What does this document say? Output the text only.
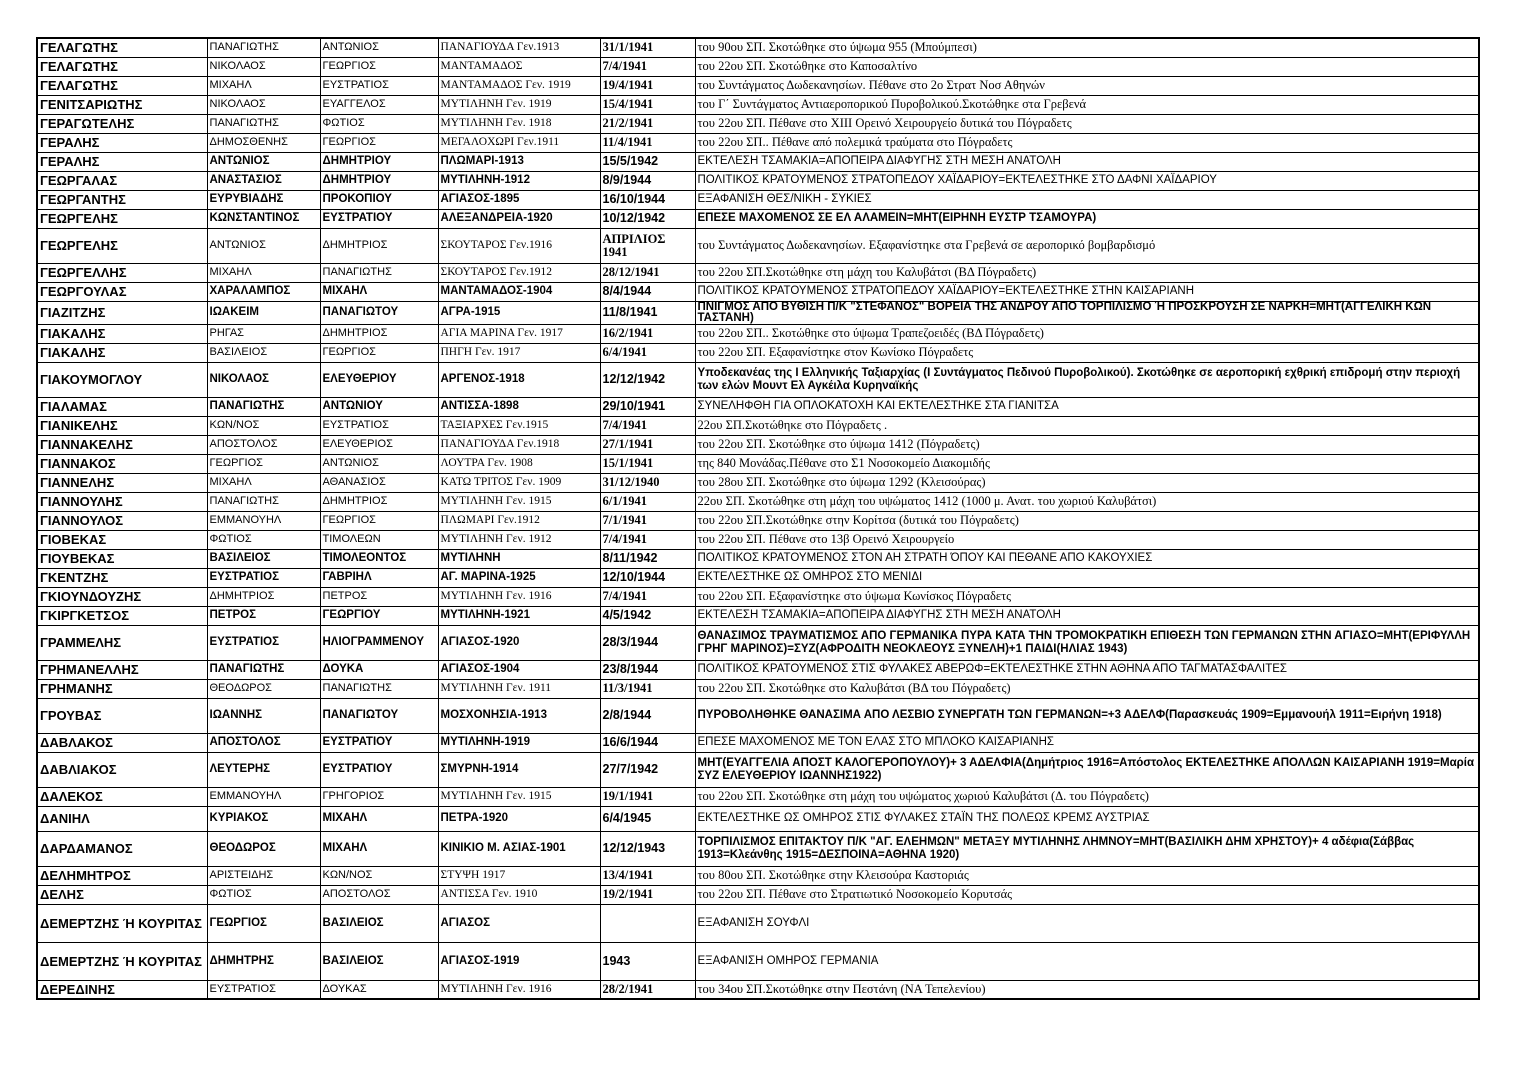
ΓΕΛΑΓΩΤΗΣ	ΠΑΝΑΓΙΩΤΗΣ	ΑΝΤΩΝΙΟΣ	ΠΑΝΑΓΙΟΥΔΑ Γεν.1913	31/1/1941	του 90ου ΣΠ. Σκοτώθηκε στο ύψωμα 955 (Μπούμπεσι)
ΓΕΛΑΓΩΤΗΣ	ΝΙΚΟΛΑΟΣ	ΓΕΩΡΓΙΟΣ	ΜΑΝΤΑΜΑΔΟΣ	7/4/1941	του 22ου ΣΠ. Σκοτώθηκε στο Καποσαλτίνο
ΓΕΛΑΓΩΤΗΣ	ΜΙΧΑΗΛ	ΕΥΣΤΡΑΤΙΟΣ	ΜΑΝΤΑΜΑΔΟΣ Γεν. 1919	19/4/1941	του Συντάγματος Δωδεκανησίων. Πέθανε στο 2ο Στρατ Νοσ Αθηνών
ΓΕΝΙΤΣΑΡΙΩΤΗΣ	ΝΙΚΟΛΑΟΣ	ΕΥΑΓΓΕΛΟΣ	ΜΥΤΙΛΗΝΗ Γεν. 1919	15/4/1941	του Γ΄ Συντάγματος Αντιαεροπορικού Πυροβολικού.Σκοτώθηκε στα Γρεβενά
ΓΕΡΑΓΩΤΕΛΗΣ	ΠΑΝΑΓΙΩΤΗΣ	ΦΩΤΙΟΣ	ΜΥΤΙΛΗΝΗ Γεν. 1918	21/2/1941	του 22ου ΣΠ. Πέθανε στο XIII Ορεινό Χειρουργείο δυτικά του Πόγραδετς
ΓΕΡΑΛΗΣ	ΔΗΜΟΣΘΕΝΗΣ	ΓΕΩΡΓΙΟΣ	ΜΕΓΑΛΟΧΩΡΙ Γεν.1911	11/4/1941	του 22ου ΣΠ.. Πέθανε από πολεμικά τραύματα στο Πόγραδετς
ΓΕΡΑΛΗΣ	ΑΝΤΩΝΙΟΣ	ΔΗΜΗΤΡΙΟΥ	ΠΛΩΜΑΡΙ-1913	15/5/1942	ΕΚΤΕΛΕΣΗ ΤΣΑΜΑΚΙΑ=ΑΠΟΠΕΙΡΑ ΔΙΑΦΥΓΗΣ ΣΤΗ ΜΕΣΗ ΑΝΑΤΟΛΗ
ΓΕΩΡΓΑΛΑΣ	ΑΝΑΣΤΑΣΙΟΣ	ΔΗΜΗΤΡΙΟΥ	ΜΥΤΙΛΗΝΗ-1912	8/9/1944	ΠΟΛΙΤΙΚΟΣ ΚΡΑΤΟΥΜΕΝΟΣ ΣΤΡΑΤΟΠΕΔΟΥ ΧΑΪΔΑΡΙΟΥ=ΕΚΤΕΛΕΣΤΗΚΕ ΣΤΟ ΔΑΦΝΙ ΧΑΪΔΑΡΙΟΥ
ΓΕΩΡΓΑΝΤΗΣ	ΕΥΡΥΒΙΑΔΗΣ	ΠΡΟΚΟΠΙΟΥ	ΑΓΙΑΣΟΣ-1895	16/10/1944	ΕΞΑΦΑΝΙΣΗ ΘΕΣ/ΝΙΚΗ - ΣΥΚΙΕΣ
ΓΕΩΡΓΕΛΗΣ	ΚΩΝΣΤΑΝΤΙΝΟΣ	ΕΥΣΤΡΑΤΙΟΥ	ΑΛΕΞΑΝΔΡΕΙΑ-1920	10/12/1942	ΕΠΕΣΕ ΜΑΧΟΜΕΝΟΣ ΣΕ ΕΛ ΑΛΑΜΕΙΝ=ΜΗΤ(ΕΙΡΗΝΗ ΕΥΣΤΡ ΤΣΑΜΟΥΡΑ)
ΓΕΩΡΓΕΛΗΣ	ΑΝΤΩΝΙΟΣ	ΔΗΜΗΤΡΙΟΣ	ΣΚΟΥΤΑΡΟΣ Γεν.1916	ΑΠΡΙΛΙΟΣ 1941	του Συντάγματος Δωδεκανησίων. Εξαφανίστηκε στα Γρεβενά σε αεροπορικό βομβαρδισμό
ΓΕΩΡΓΕΛΛΗΣ	ΜΙΧΑΗΛ	ΠΑΝΑΓΙΩΤΗΣ	ΣΚΟΥΤΑΡΟΣ Γεν.1912	28/12/1941	του 22ου ΣΠ.Σκοτώθηκε στη μάχη του Καλυβάτσι (ΒΔ Πόγραδετς)
ΓΕΩΡΓΟΥΛΑΣ	ΧΑΡΑΛΑΜΠΟΣ	ΜΙΧΑΗΛ	ΜΑΝΤΑΜΑΔΟΣ-1904	8/4/1944	ΠΟΛΙΤΙΚΟΣ ΚΡΑΤΟΥΜΕΝΟΣ ΣΤΡΑΤΟΠΕΔΟΥ ΧΑΪΔΑΡΙΟΥ=ΕΚΤΕΛΕΣΤΗΚΕ ΣΤΗΝ ΚΑΙΣΑΡΙΑΝΗ
ΓΙΑΖΙΤΖΗΣ	ΙΩΑΚΕΙΜ	ΠΑΝΑΓΙΩΤΟΥ	ΑΓΡΑ-1915	11/8/1941	ΠΝΙΓΜΟΣ ΑΠΟ ΒΥΘΙΣΗ Π/Κ "ΣΤΕΦΑΝΟΣ" ΒΟΡΕΙΑ ΤΗΣ ΑΝΔΡΟΥ ΑΠΟ ΤΟΡΠΙΛΙΣΜΟ Ή ΠΡΟΣΚΡΟΥΣΗ ΣΕ ΝΑΡΚΗ=ΜΗΤ(ΑΓΓΕΛΙΚΗ ΚΩΝ ΤΑΣΤΑΝΗ)
ΓΙΑΚΑΛΗΣ	ΡΗΓΑΣ	ΔΗΜΗΤΡΙΟΣ	ΑΓΙΑ ΜΑΡΙΝΑ Γεν. 1917	16/2/1941	του 22ου ΣΠ.. Σκοτώθηκε στο ύψωμα Τραπεζοειδές (ΒΔ Πόγραδετς)
ΓΙΑΚΑΛΗΣ	ΒΑΣΙΛΕΙΟΣ	ΓΕΩΡΓΙΟΣ	ΠΗΓΗ Γεν. 1917	6/4/1941	του 22ου ΣΠ. Εξαφανίστηκε στον Κωνίσκο Πόγραδετς
ΓΙΑΚΟΥΜΟΓΛΟΥ	ΝΙΚΟΛΑΟΣ	ΕΛΕΥΘΕΡΙΟΥ	ΑΡΓΕΝΟΣ-1918	12/12/1942	Υποδεκανέας της I Ελληνικής Ταξιαρχίας (I Συντάγματος Πεδινού Πυροβολικού). Σκοτώθηκε σε αεροπορική εχθρική επιδρομή στην περιοχή των ελών Μουντ Ελ Αγκέιλα Κυρηναϊκής
ΓΙΑΛΑΜΑΣ	ΠΑΝΑΓΙΩΤΗΣ	ΑΝΤΩΝΙΟΥ	ΑΝΤΙΣΣΑ-1898	29/10/1941	ΣΥΝΕΛΗΦΘΗ ΓΙΑ ΟΠΛΟΚΑΤΟΧΗ ΚΑΙ ΕΚΤΕΛΕΣΤΗΚΕ ΣΤΑ ΓΙΑΝΙΤΣΑ
ΓΙΑΝΙΚΕΛΗΣ	ΚΩΝ/ΝΟΣ	ΕΥΣΤΡΑΤΙΟΣ	ΤΑΞΙΑΡΧΕΣ Γεν.1915	7/4/1941	22ου ΣΠ.Σκοτώθηκε στο Πόγραδετς .
ΓΙΑΝΝΑΚΕΛΗΣ	ΑΠΟΣΤΟΛΟΣ	ΕΛΕΥΘΕΡΙΟΣ	ΠΑΝΑΓΙΟΥΔΑ Γεν.1918	27/1/1941	του 22ου ΣΠ. Σκοτώθηκε στο ύψωμα 1412 (Πόγραδετς)
ΓΙΑΝΝΑΚΟΣ	ΓΕΩΡΓΙΟΣ	ΑΝΤΩΝΙΟΣ	ΛΟΥΤΡΑ Γεν. 1908	15/1/1941	της 840 Μονάδας.Πέθανε στο Σ1 Νοσοκομείο Διακομιδής
ΓΙΑΝΝΕΛΗΣ	ΜΙΧΑΗΛ	ΑΘΑΝΑΣΙΟΣ	ΚΑΤΩ ΤΡΙΤΟΣ Γεν. 1909	31/12/1940	του 28ου ΣΠ. Σκοτώθηκε στο ύψωμα 1292 (Κλεισούρας)
ΓΙΑΝΝΟΥΛΗΣ	ΠΑΝΑΓΙΩΤΗΣ	ΔΗΜΗΤΡΙΟΣ	ΜΥΤΙΛΗΝΗ Γεν. 1915	6/1/1941	22ου ΣΠ. Σκοτώθηκε στη μάχη του υψώματος 1412 (1000 μ. Ανατ. του χωριού Καλυβάτσι)
ΓΙΑΝΝΟΥΛΟΣ	ΕΜΜΑΝΟΥΗΛ	ΓΕΩΡΓΙΟΣ	ΠΛΩΜΑΡΙ Γεν.1912	7/1/1941	του 22ου ΣΠ.Σκοτώθηκε στην Κορίτσα (δυτικά του Πόγραδετς)
ΓΙΟΒΕΚΑΣ	ΦΩΤΙΟΣ	ΤΙΜΟΛΕΩΝ	ΜΥΤΙΛΗΝΗ Γεν. 1912	7/4/1941	του 22ου ΣΠ. Πέθανε στο 13β Ορεινό Χειρουργείο
ΓΙΟΥΒΕΚΑΣ	ΒΑΣΙΛΕΙΟΣ	ΤΙΜΟΛΕΟΝΤΟΣ	ΜΥΤΙΛΗΝΗ	8/11/1942	ΠΟΛΙΤΙΚΟΣ ΚΡΑΤΟΥΜΕΝΟΣ ΣΤΟΝ ΑΗ ΣΤΡΑΤΗ ΌΠΟΥ ΚΑΙ ΠΕΘΑΝΕ ΑΠΟ ΚΑΚΟΥΧΙΕΣ
ΓΚΕΝΤΖΗΣ	ΕΥΣΤΡΑΤΙΟΣ	ΓΑΒΡΙΗΛ	ΑΓ. ΜΑΡΙΝΑ-1925	12/10/1944	ΕΚΤΕΛΕΣΤΗΚΕ ΩΣ ΟΜΗΡΟΣ ΣΤΟ ΜΕΝΙΔΙ
ΓΚΙΟΥΝΔΟΥΖΗΣ	ΔΗΜΗΤΡΙΟΣ	ΠΕΤΡΟΣ	ΜΥΤΙΛΗΝΗ Γεν. 1916	7/4/1941	του 22ου ΣΠ. Εξαφανίστηκε στο ύψωμα Κωνίσκος Πόγραδετς
ΓΚΙΡΓΚΕΤΣΟΣ	ΠΕΤΡΟΣ	ΓΕΩΡΓΙΟΥ	ΜΥΤΙΛΗΝΗ-1921	4/5/1942	ΕΚΤΕΛΕΣΗ ΤΣΑΜΑΚΙΑ=ΑΠΟΠΕΙΡΑ ΔΙΑΦΥΓΗΣ ΣΤΗ ΜΕΣΗ ΑΝΑΤΟΛΗ
ΓΡΑΜΜΕΛΗΣ	ΕΥΣΤΡΑΤΙΟΣ	ΗΛΙΟΓΡΑΜΜΕΝΟΥ	ΑΓΙΑΣΟΣ-1920	28/3/1944	ΘΑΝΑΣΙΜΟΣ ΤΡΑΥΜΑΤΙΣΜΟΣ ΑΠΟ ΓΕΡΜΑΝΙΚΑ ΠΥΡΑ ΚΑΤΑ ΤΗΝ ΤΡΟΜΟΚΡΑΤΙΚΗ ΕΠΙΘΕΣΗ ΤΩΝ ΓΕΡΜΑΝΩΝ ΣΤΗΝ ΑΓΙΑΣΟ=ΜΗΤ(ΕΡΙΦΥΛΛΗ ΓΡΗΓ ΜΑΡΙΝΟΣ)=ΣΥΖ(ΑΦΡΟΔΙΤΗ ΝΕΟΚΛΕΟΥΣ ΞΥΝΕΛΗ)+1 ΠΑΙΔΙ(ΗΛΙΑΣ 1943)
ΓΡΗΜΑΝΕΛΛΗΣ	ΠΑΝΑΓΙΩΤΗΣ	ΔΟΥΚΑ	ΑΓΙΑΣΟΣ-1904	23/8/1944	ΠΟΛΙΤΙΚΟΣ ΚΡΑΤΟΥΜΕΝΟΣ ΣΤΙΣ ΦΥΛΑΚΕΣ ΑΒΕΡΩΦ=ΕΚΤΕΛΕΣΤΗΚΕ ΣΤΗΝ ΑΘΗΝΑ ΑΠΟ ΤΑΓΜΑΤΑΣΦΑΛΙΤΕΣ
ΓΡΗΜΑΝΗΣ	ΘΕΟΔΩΡΟΣ	ΠΑΝΑΓΙΩΤΗΣ	ΜΥΤΙΛΗΝΗ Γεν. 1911	11/3/1941	του 22ου ΣΠ. Σκοτώθηκε στο Καλυβάτσι (ΒΔ του Πόγραδετς)
ΓΡΟΥΒΑΣ	ΙΩΑΝΝΗΣ	ΠΑΝΑΓΙΩΤΟΥ	ΜΟΣΧΟΝΗΣΙΑ-1913	2/8/1944	ΠΥΡΟΒΟΛΗΘΗΚΕ ΘΑΝΑΣΙΜΑ ΑΠΟ ΛΕΣΒΙΟ ΣΥΝΕΡΓΑΤΗ ΤΩΝ ΓΕΡΜΑΝΩΝ=+3 ΑΔΕΛΦ(Παρασκευάς 1909=Εμμανουήλ 1911=Ειρήνη 1918)
ΔΑΒΛΑΚΟΣ	ΑΠΟΣΤΟΛΟΣ	ΕΥΣΤΡΑΤΙΟΥ	ΜΥΤΙΛΗΝΗ-1919	16/6/1944	ΕΠΕΣΕ ΜΑΧΟΜΕΝΟΣ ΜΕ ΤΟΝ ΕΛΑΣ ΣΤΟ ΜΠΛΟΚΟ ΚΑΙΣΑΡΙΑΝΗΣ
ΔΑΒΛΙΑΚΟΣ	ΛΕΥΤΕΡΗΣ	ΕΥΣΤΡΑΤΙΟΥ	ΣΜΥΡΝΗ-1914	27/7/1942	ΜΗΤ(ΕΥΑΓΓΕΛΙΑ ΑΠΟΣΤ ΚΑΛΟΓΕΡΟΠΟΥΛΟΥ)+ 3 ΑΔΕΛΦΙΑ(Δημήτριος 1916=Απόστολος ΕΚΤΕΛΕΣΤΗΚΕ ΑΠΟΛΛΩΝ ΚΑΙΣΑΡΙΑΝΗ 1919=Μαρία ΣΥΖ ΕΛΕΥΘΕΡΙΟΥ ΙΩΑΝΝΗΣ1922)
ΔΑΛΕΚΟΣ	ΕΜΜΑΝΟΥΗΛ	ΓΡΗΓΟΡΙΟΣ	ΜΥΤΙΛΗΝΗ Γεν. 1915	19/1/1941	του 22ου ΣΠ. Σκοτώθηκε στη μάχη του υψώματος χωριού Καλυβάτσι (Δ. του Πόγραδετς)
ΔΑΝΙΗΛ	ΚΥΡΙΑΚΟΣ	ΜΙΧΑΗΛ	ΠΕΤΡΑ-1920	6/4/1945	ΕΚΤΕΛΕΣΤΗΚΕ ΩΣ ΟΜΗΡΟΣ ΣΤΙΣ ΦΥΛΑΚΕΣ ΣΤΑΪΝ ΤΗΣ ΠΟΛΕΩΣ ΚΡΕΜΣ ΑΥΣΤΡΙΑΣ
ΔΑΡΔΑΜΑΝΟΣ	ΘΕΟΔΩΡΟΣ	ΜΙΧΑΗΛ	ΚΙΝΙΚΙΟ Μ. ΑΣΙΑΣ-1901	12/12/1943	ΤΟΡΠΙΛΙΣΜΟΣ ΕΠΙΤΑΚΤΟΥ Π/Κ "ΑΓ. ΕΛΕΗΜΩΝ" ΜΕΤΑΞΥ ΜΥΤΙΛΗΝΗΣ ΛΗΜΝΟΥ=ΜΗΤ(ΒΑΣΙΛΙΚΗ ΔΗΜ ΧΡΗΣΤΟΥ)+ 4 αδέφια(Σάββας 1913=Κλεάνθης 1915=ΔΕΣΠΟΙΝΑ=ΑΘΗΝΑ 1920)
ΔΕΛΗΜΗΤΡΟΣ	ΑΡΙΣΤΕΙΔΗΣ	ΚΩΝ/ΝΟΣ	ΣΤΥΨΗ 1917	13/4/1941	του 80ου ΣΠ. Σκοτώθηκε στην Κλεισούρα Καστοριάς
ΔΕΛΗΣ	ΦΩΤΙΟΣ	ΑΠΟΣΤΟΛΟΣ	ΑΝΤΙΣΣΑ Γεν. 1910	19/2/1941	του 22ου ΣΠ. Πέθανε στο Στρατιωτικό Νοσοκομείο Κορυτσάς
ΔΕΜΕΡΤΖΗΣ Ή ΚΟΥΡΙΤΑΣ	ΓΕΩΡΓΙΟΣ	ΒΑΣΙΛΕΙΟΣ	ΑΓΙΑΣΟΣ		ΕΞΑΦΑΝΙΣΗ ΣΟΥΦΛΙ
ΔΕΜΕΡΤΖΗΣ Ή ΚΟΥΡΙΤΑΣ	ΔΗΜΗΤΡΗΣ	ΒΑΣΙΛΕΙΟΣ	ΑΓΙΑΣΟΣ-1919	1943	ΕΞΑΦΑΝΙΣΗ ΟΜΗΡΟΣ ΓΕΡΜΑΝΙΑ
ΔΕΡΕΔΙΝΗΣ	ΕΥΣΤΡΑΤΙΟΣ	ΔΟΥΚΑΣ	ΜΥΤΙΛΗΝΗ Γεν. 1916	28/2/1941	του 34ου ΣΠ.Σκοτώθηκε στην Πεστάνη (ΝΑ Τεπελενίου)
